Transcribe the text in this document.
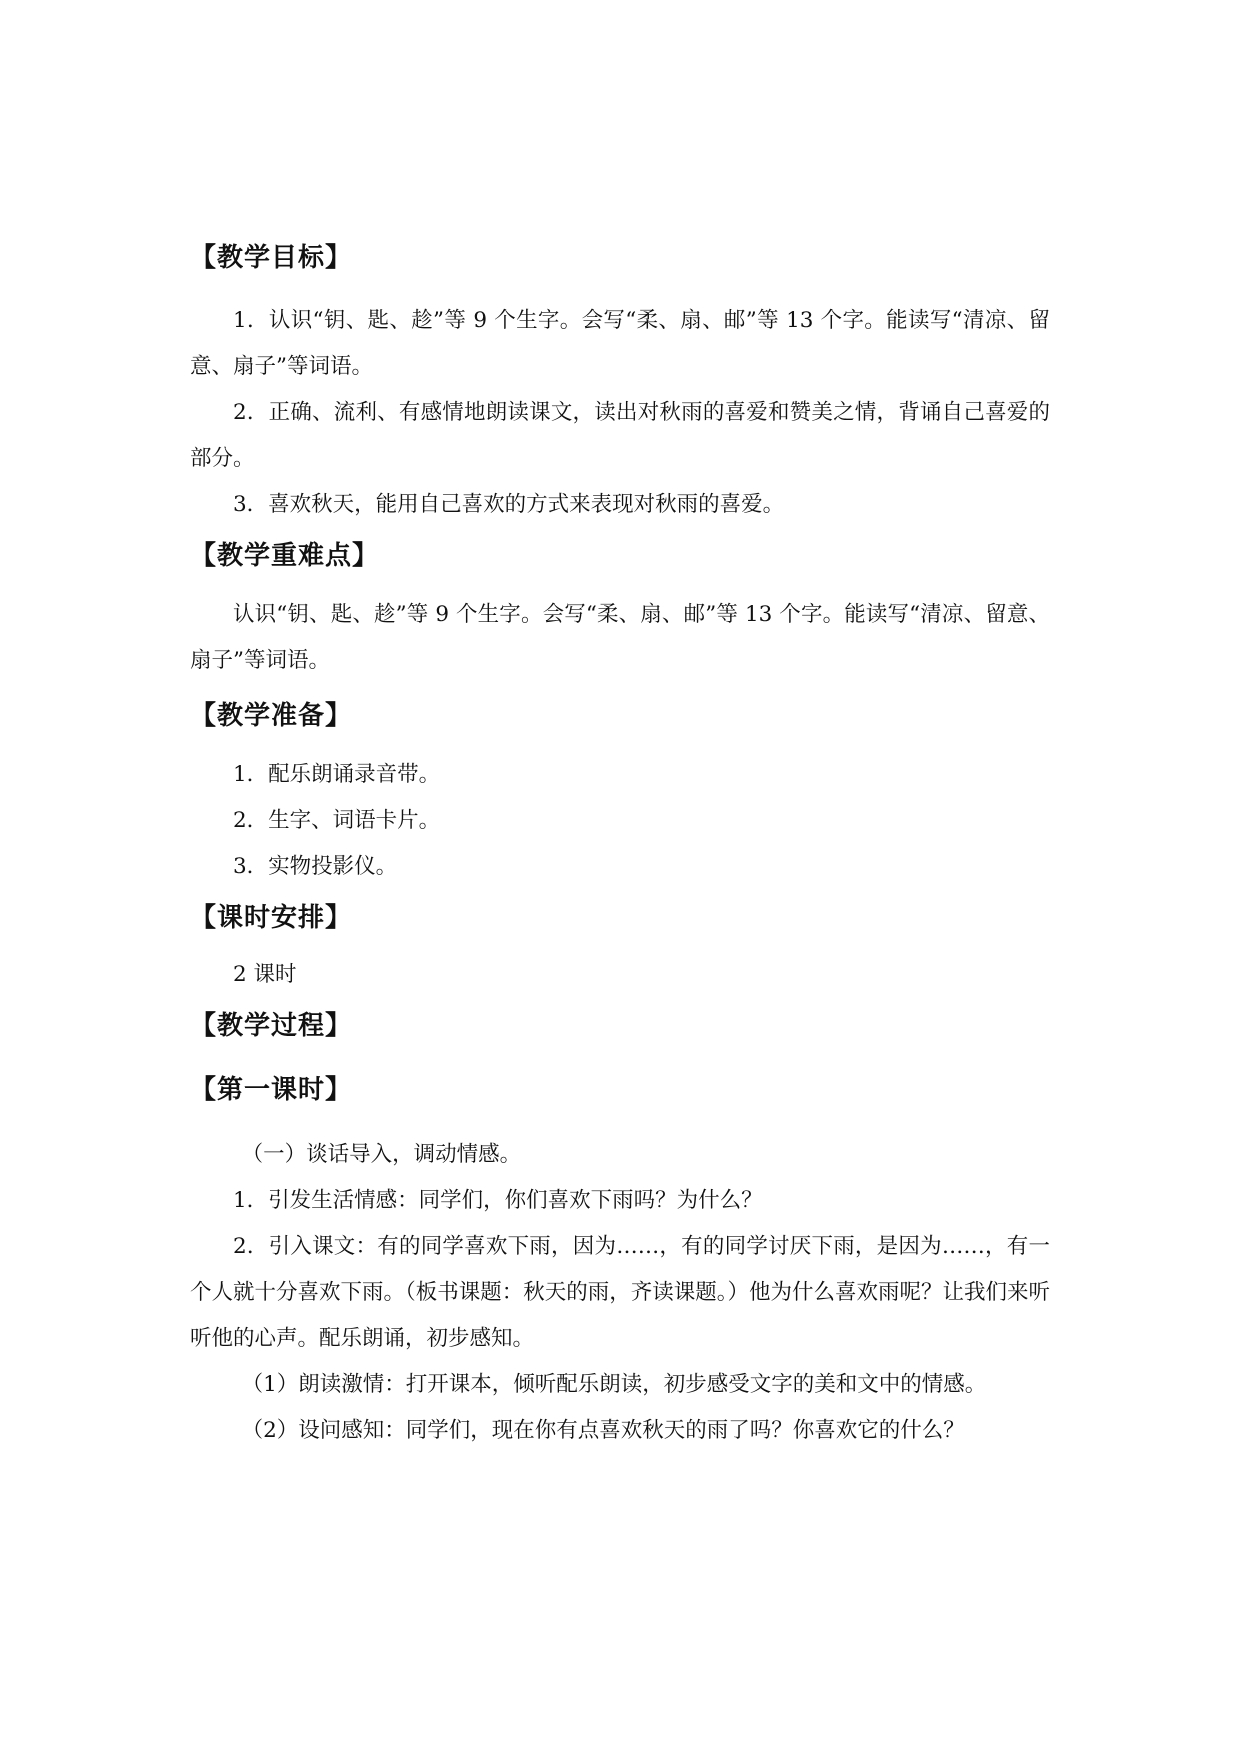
【教学目标】

1．认识“钥、匙、趁”等 9 个生字。会写“柔、扇、邮”等 13 个字。能读写“清凉、留意、扇子”等词语。

2．正确、流利、有感情地朗读课文，读出对秋雨的喜爱和赞美之情，背诵自己喜爱的部分。

3．喜欢秋天，能用自己喜欢的方式来表现对秋雨的喜爱。

【教学重难点】

认识“钥、匙、趁”等 9 个生字。会写“柔、扇、邮”等 13 个字。能读写“清凉、留意、扇子”等词语。

【教学准备】

1．配乐朗诵录音带。

2．生字、词语卡片。

3．实物投影仪。

【课时安排】

2 课时

【教学过程】
【第一课时】

（一）谈话导入，调动情感。

1．引发生活情感：同学们，你们喜欢下雨吗？为什么？

2．引入课文：有的同学喜欢下雨，因为……，有的同学讨厌下雨，是因为……，有一个人就十分喜欢下雨。（板书课题：秋天的雨，齐读课题。）他为什么喜欢雨呢？让我们来听听他的心声。配乐朗诵，初步感知。

（1）朗读激情：打开课本，倾听配乐朗读，初步感受文字的美和文中的情感。

（2）设问感知：同学们，现在你有点喜欢秋天的雨了吗？你喜欢它的什么？
